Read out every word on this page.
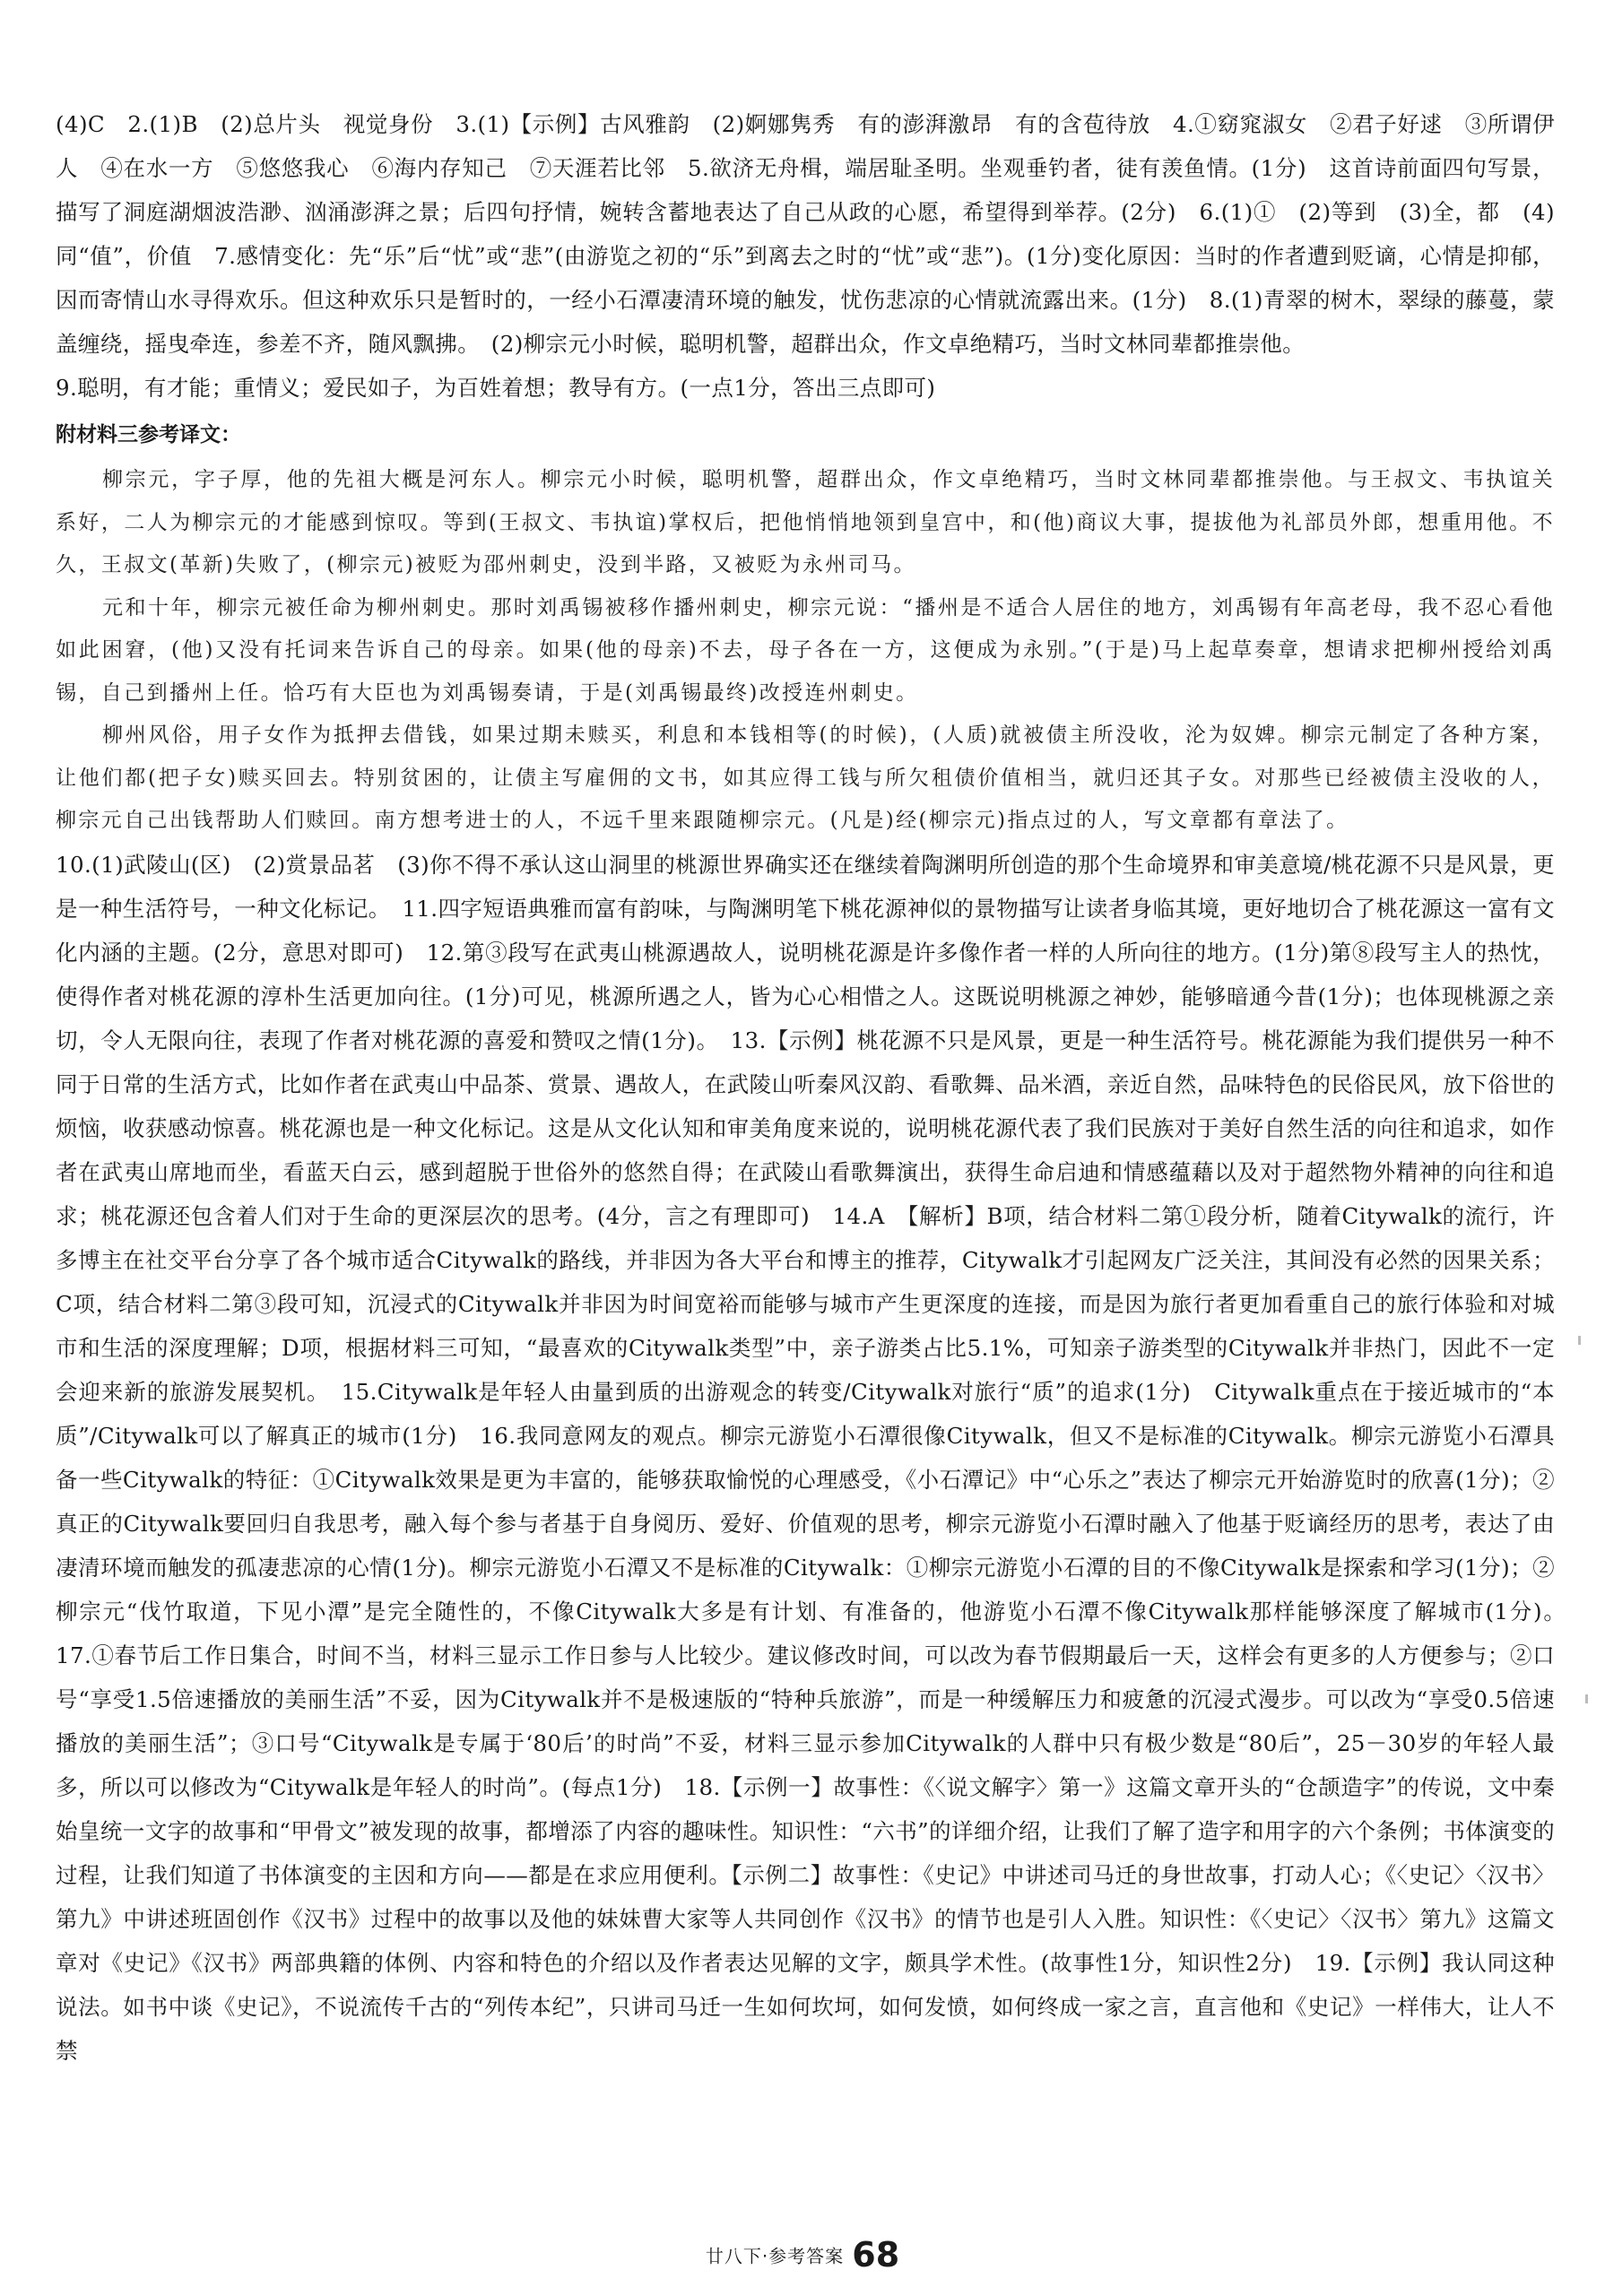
(4)C　2.(1)B　(2)总片头　视觉身份　3.(1)【示例】古风雅韵　(2)婀娜隽秀　有的澎湃激昂　有的含苞待放　4.①窈窕淑女　②君子好逑　③所谓伊人　④在水一方　⑤悠悠我心　⑥海内存知己　⑦天涯若比邻　5.欲济无舟楫，端居耻圣明。坐观垂钓者，徒有羡鱼情。(1分)　这首诗前面四句写景，描写了洞庭湖烟波浩渺、汹涌澎湃之景；后四句抒情，婉转含蓄地表达了自己从政的心愿，希望得到举荐。(2分)　6.(1)①　(2)等到　(3)全，都　(4)同“值”，价值　7.感情变化：先“乐”后“忧”或“悲”(由游览之初的“乐”到离去之时的“忧”或“悲”)。(1分)变化原因：当时的作者遭到贬谪，心情是抑郁，因而寄情山水寻得欢乐。但这种欢乐只是暂时的，一经小石潭凄清环境的触发，忧伤悲凉的心情就流露出来。(1分)　8.(1)青翠的树木，翠绿的藤蔓，蒙盖缠绕，摇曳牵连，参差不齐，随风飘拂。　(2)柳宗元小时候，聪明机警，超群出众，作文卓绝精巧，当时文林同辈都推崇他。

9.聪明，有才能；重情义；爱民如子，为百姓着想；教导有方。(一点1分，答出三点即可)

附材料三参考译文：

柳宗元，字子厚，他的先祖大概是河东人。柳宗元小时候，聪明机警，超群出众，作文卓绝精巧，当时文林同辈都推崇他。与王叔文、韦执谊关系好，二人为柳宗元的才能感到惊叹。等到(王叔文、韦执谊)掌权后，把他悄悄地领到皇宫中，和(他)商议大事，提拔他为礼部员外郎，想重用他。不久，王叔文(革新)失败了，(柳宗元)被贬为邵州刺史，没到半路，又被贬为永州司马。

元和十年，柳宗元被任命为柳州刺史。那时刘禹锡被移作播州刺史，柳宗元说：“播州是不适合人居住的地方，刘禹锡有年高老母，我不忍心看他如此困窘，(他)又没有托词来告诉自己的母亲。如果(他的母亲)不去，母子各在一方，这便成为永别。”(于是)马上起草奏章，想请求把柳州授给刘禹锡，自己到播州上任。恰巧有大臣也为刘禹锡奏请，于是(刘禹锡最终)改授连州刺史。

柳州风俗，用子女作为抵押去借钱，如果过期未赎买，利息和本钱相等(的时候)，(人质)就被债主所没收，沦为奴婢。柳宗元制定了各种方案，让他们都(把子女)赎买回去。特别贫困的，让债主写雇佣的文书，如其应得工钱与所欠租债价值相当，就归还其子女。对那些已经被债主没收的人，柳宗元自己出钱帮助人们赎回。南方想考进士的人，不远千里来跟随柳宗元。(凡是)经(柳宗元)指点过的人，写文章都有章法了。

10.(1)武陵山(区)　(2)赏景品茗　(3)你不得不承认这山洞里的桃源世界确实还在继续着陶渊明所创造的那个生命境界和审美意境/桃花源不只是风景，更是一种生活符号，一种文化标记。　11.四字短语典雅而富有韵味，与陶渊明笔下桃花源神似的景物描写让读者身临其境，更好地切合了桃花源这一富有文化内涵的主题。(2分，意思对即可)　12.第③段写在武夷山桃源遇故人，说明桃花源是许多像作者一样的人所向往的地方。(1分)第⑧段写主人的热忱，使得作者对桃花源的淳朴生活更加向往。(1分)可见，桃源所遇之人，皆为心心相惜之人。这既说明桃源之神妙，能够暗通今昔(1分)；也体现桃源之亲切，令人无限向往，表现了作者对桃花源的喜爱和赞叹之情(1分)。　13.【示例】桃花源不只是风景，更是一种生活符号。桃花源能为我们提供另一种不同于日常的生活方式，比如作者在武夷山中品茶、赏景、遇故人，在武陵山听秦风汉韵、看歌舞、品米酒，亲近自然，品味特色的民俗民风，放下俗世的烦恼，收获感动惊喜。桃花源也是一种文化标记。这是从文化认知和审美角度来说的，说明桃花源代表了我们民族对于美好自然生活的向往和追求，如作者在武夷山席地而坐，看蓝天白云，感到超脱于世俗外的悠然自得；在武陵山看歌舞演出，获得生命启迪和情感蕴藉以及对于超然物外精神的向往和追求；桃花源还包含着人们对于生命的更深层次的思考。(4分，言之有理即可)　14.A　【解析】B项，结合材料二第①段分析，随着Citywalk的流行，许多博主在社交平台分享了各个城市适合Citywalk的路线，并非因为各大平台和博主的推荐，Citywalk才引起网友广泛关注，其间没有必然的因果关系；C项，结合材料二第③段可知，沉浸式的Citywalk并非因为时间宽裕而能够与城市产生更深度的连接，而是因为旅行者更加看重自己的旅行体验和对城市和生活的深度理解；D项，根据材料三可知，“最喜欢的Citywalk类型”中，亲子游类占比5.1%，可知亲子游类型的Citywalk并非热门，因此不一定会迎来新的旅游发展契机。　15.Citywalk是年轻人由量到质的出游观念的转变/Citywalk对旅行“质”的追求(1分)　Citywalk重点在于接近城市的“本质”/Citywalk可以了解真正的城市(1分)　16.我同意网友的观点。柳宗元游览小石潭很像Citywalk，但又不是标准的Citywalk。柳宗元游览小石潭具备一些Citywalk的特征：①Citywalk效果是更为丰富的，能够获取愉悦的心理感受，《小石潭记》中“心乐之”表达了柳宗元开始游览时的欣喜(1分)；②真正的Citywalk要回归自我思考，融入每个参与者基于自身阅历、爱好、价值观的思考，柳宗元游览小石潭时融入了他基于贬谪经历的思考，表达了由凄清环境而触发的孤凄悲凉的心情(1分)。柳宗元游览小石潭又不是标准的Citywalk：①柳宗元游览小石潭的目的不像Citywalk是探索和学习(1分)；②柳宗元“伐竹取道，下见小潭”是完全随性的，不像Citywalk大多是有计划、有准备的，他游览小石潭不像Citywalk那样能够深度了解城市(1分)。　17.①春节后工作日集合，时间不当，材料三显示工作日参与人比较少。建议修改时间，可以改为春节假期最后一天，这样会有更多的人方便参与；②口号“享受1.5倍速播放的美丽生活”不妥，因为Citywalk并不是极速版的“特种兵旅游”，而是一种缓解压力和疲惫的沉浸式漫步。可以改为“享受0.5倍速播放的美丽生活”；③口号“Citywalk是专属于‘80后’的时尚”不妥，材料三显示参加Citywalk的人群中只有极少数是“80后”，25－30岁的年轻人最多，所以可以修改为“Citywalk是年轻人的时尚”。(每点1分)　18.【示例一】故事性：《〈说文解字〉第一》这篇文章开头的“仓颉造字”的传说，文中秦始皇统一文字的故事和“甲骨文”被发现的故事，都增添了内容的趣味性。知识性：“六书”的详细介绍，让我们了解了造字和用字的六个条例；书体演变的过程，让我们知道了书体演变的主因和方向——都是在求应用便利。【示例二】故事性：《史记》中讲述司马迁的身世故事，打动人心；《〈史记〉〈汉书〉第九》中讲述班固创作《汉书》过程中的故事以及他的妹妹曹大家等人共同创作《汉书》的情节也是引人入胜。知识性：《〈史记〉〈汉书〉第九》这篇文章对《史记》《汉书》两部典籍的体例、内容和特色的介绍以及作者表达见解的文字，颇具学术性。(故事性1分，知识性2分)　19.【示例】我认同这种说法。如书中谈《史记》，不说流传千古的“列传本纪”，只讲司马迁一生如何坎坷，如何发愤，如何终成一家之言，直言他和《史记》一样伟大，让人不禁

廿八下·参考答案 68
